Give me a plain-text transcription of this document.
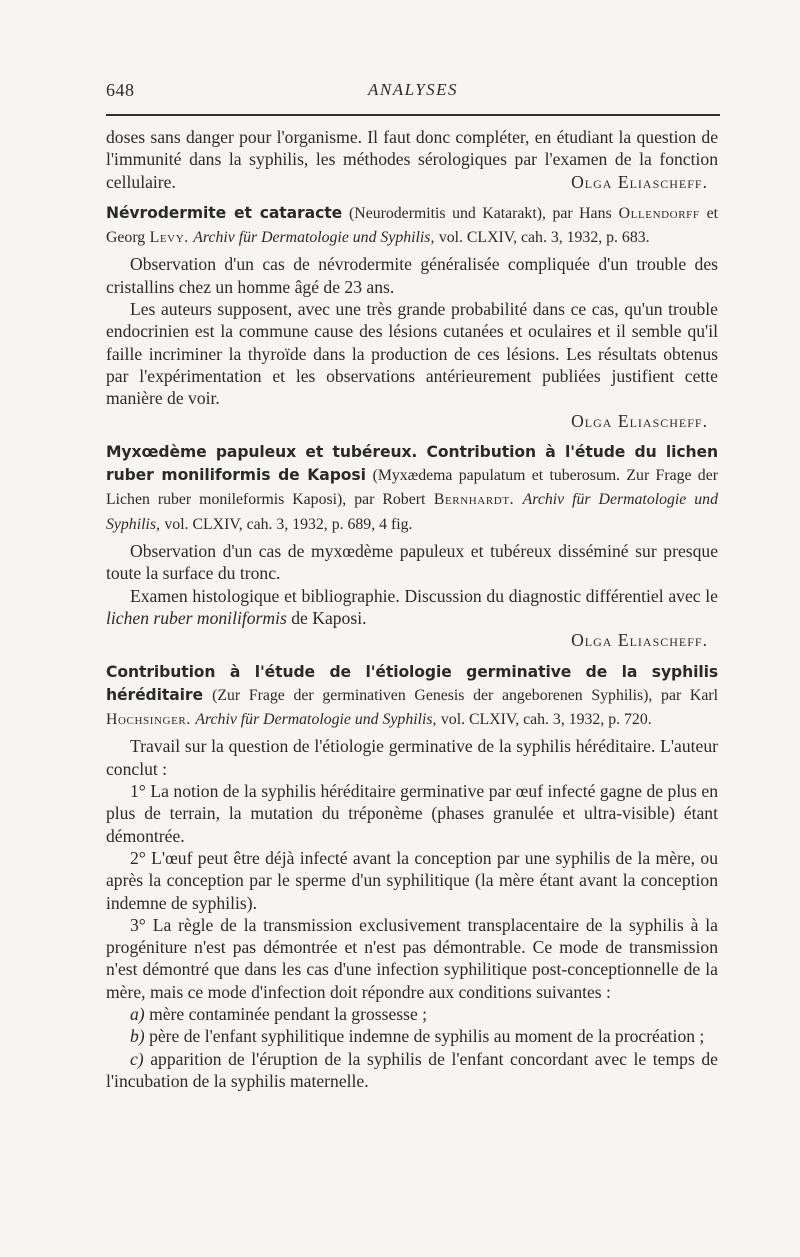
648	ANALYSES

doses sans danger pour l'organisme. Il faut donc compléter, en étudiant la question de l'immunité dans la syphilis, les méthodes sérologiques par l'examen de la fonction cellulaire.	Olga Eliascheff.

Névrodermite et cataracte (Neurodermitis und Katarakt), par Hans Ollendorff et Georg Levy. Archiv für Dermatologie und Syphilis, vol. CLXIV, cah. 3, 1932, p. 683.

Observation d'un cas de névrodermite généralisée compliquée d'un trouble des cristallins chez un homme âgé de 23 ans.

Les auteurs supposent, avec une très grande probabilité dans ce cas, qu'un trouble endocrinien est la commune cause des lésions cutanées et oculaires et il semble qu'il faille incriminer la thyroïde dans la production de ces lésions. Les résultats obtenus par l'expérimentation et les observations antérieurement publiées justifient cette manière de voir.

Olga Eliascheff.

Myxœdème papuleux et tubéreux. Contribution à l'étude du lichen ruber moniliformis de Kaposi (Myxædema papulatum et tuberosum. Zur Frage der Lichen ruber monileformis Kaposi), par Robert Bernhardt. Archiv für Dermatologie und Syphilis, vol. CLXIV, cah. 3, 1932, p. 689, 4 fig.

Observation d'un cas de myxœdème papuleux et tubéreux disséminé sur presque toute la surface du tronc.

Examen histologique et bibliographie. Discussion du diagnostic différentiel avec le lichen ruber moniliformis de Kaposi.

Olga Eliascheff.

Contribution à l'étude de l'étiologie germinative de la syphilis héréditaire (Zur Frage der germinativen Genesis der angeborenen Syphilis), par Karl Hochsinger. Archiv für Dermatologie und Syphilis, vol. CLXIV, cah. 3, 1932, p. 720.

Travail sur la question de l'étiologie germinative de la syphilis héréditaire. L'auteur conclut :

1° La notion de la syphilis héréditaire germinative par œuf infecté gagne de plus en plus de terrain, la mutation du tréponème (phases granulée et ultra-visible) étant démontrée.

2° L'œuf peut être déjà infecté avant la conception par une syphilis de la mère, ou après la conception par le sperme d'un syphilitique (la mère étant avant la conception indemne de syphilis).

3° La règle de la transmission exclusivement transplacentaire de la syphilis à la progéniture n'est pas démontrée et n'est pas démontrable. Ce mode de transmission n'est démontré que dans les cas d'une infection syphilitique post-conceptionnelle de la mère, mais ce mode d'infection doit répondre aux conditions suivantes :

a) mère contaminée pendant la grossesse ;

b) père de l'enfant syphilitique indemne de syphilis au moment de la procréation ;

c) apparition de l'éruption de la syphilis de l'enfant concordant avec le temps de l'incubation de la syphilis maternelle.
